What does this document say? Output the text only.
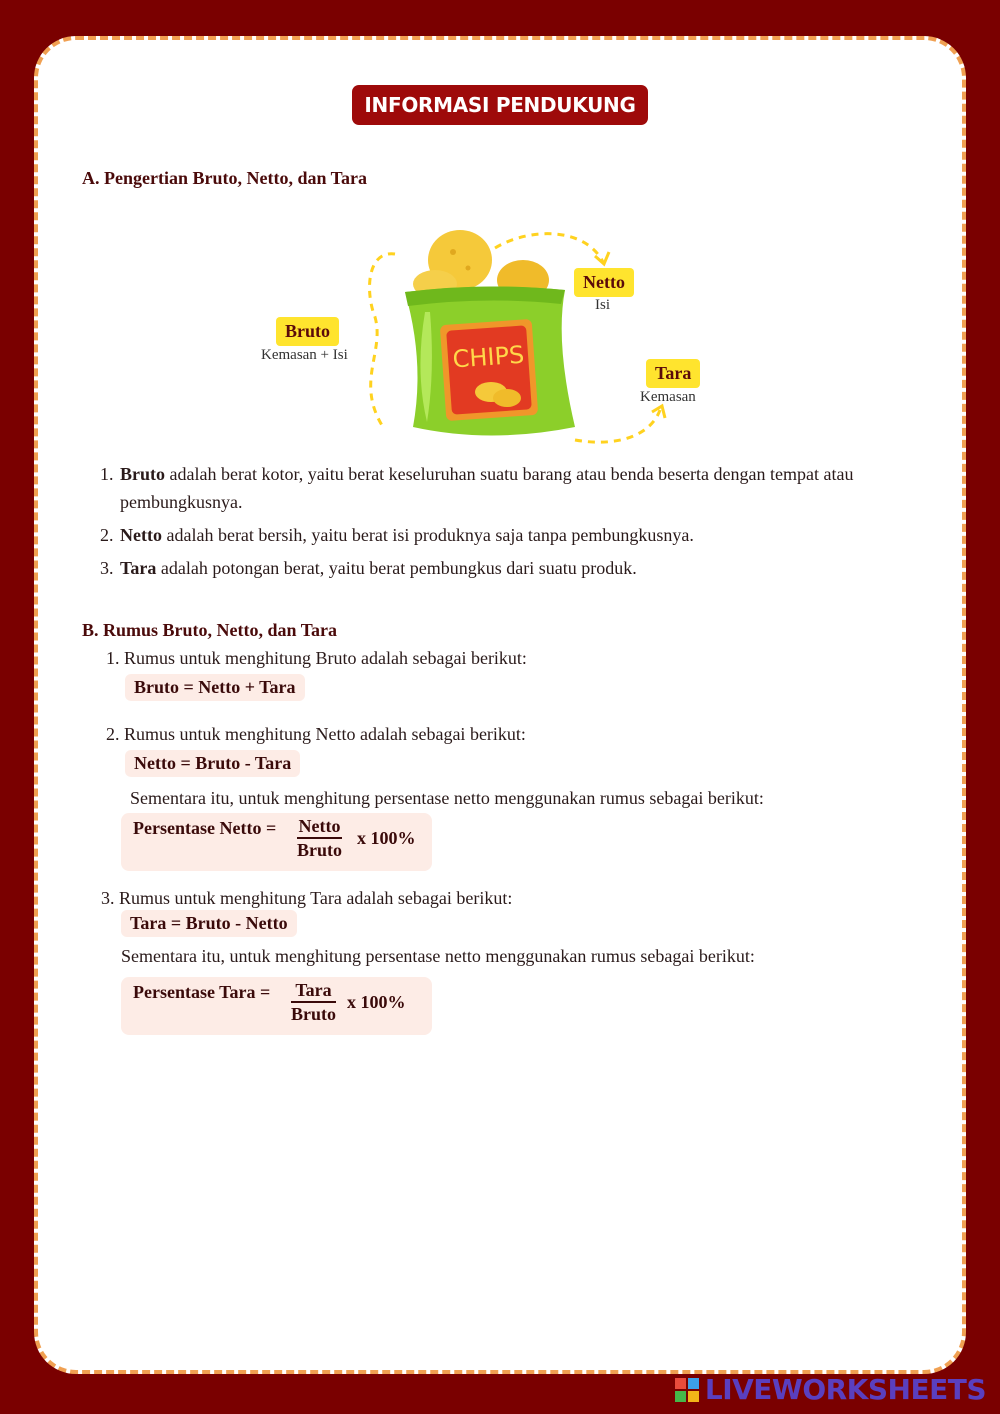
INFORMASI PENDUKUNG
A. Pengertian Bruto, Netto, dan Tara
CHIPS
Bruto
Kemasan + Isi
Netto
Isi
Tara
Kemasan
1. Bruto adalah berat kotor, yaitu berat keseluruhan suatu barang atau benda beserta dengan tempat atau pembungkusnya.
2. Netto adalah berat bersih, yaitu berat isi produknya saja tanpa pembungkusnya.
3. Tara adalah potongan berat, yaitu berat pembungkus dari suatu produk.
B. Rumus Bruto, Netto, dan Tara
1. Rumus untuk menghitung Bruto adalah sebagai berikut:
Bruto = Netto + Tara
2. Rumus untuk menghitung Netto adalah sebagai berikut:
Netto = Bruto - Tara
Sementara itu, untuk menghitung persentase netto menggunakan rumus sebagai berikut:
Persentase Netto = Netto
Bruto
x 100%
3. Rumus untuk menghitung Tara adalah sebagai berikut:
Tara = Bruto - Netto
Sementara itu, untuk menghitung persentase netto menggunakan rumus sebagai berikut:
Persentase Tara = Tara
Bruto
x 100%
LIVEWORKSHEETS
